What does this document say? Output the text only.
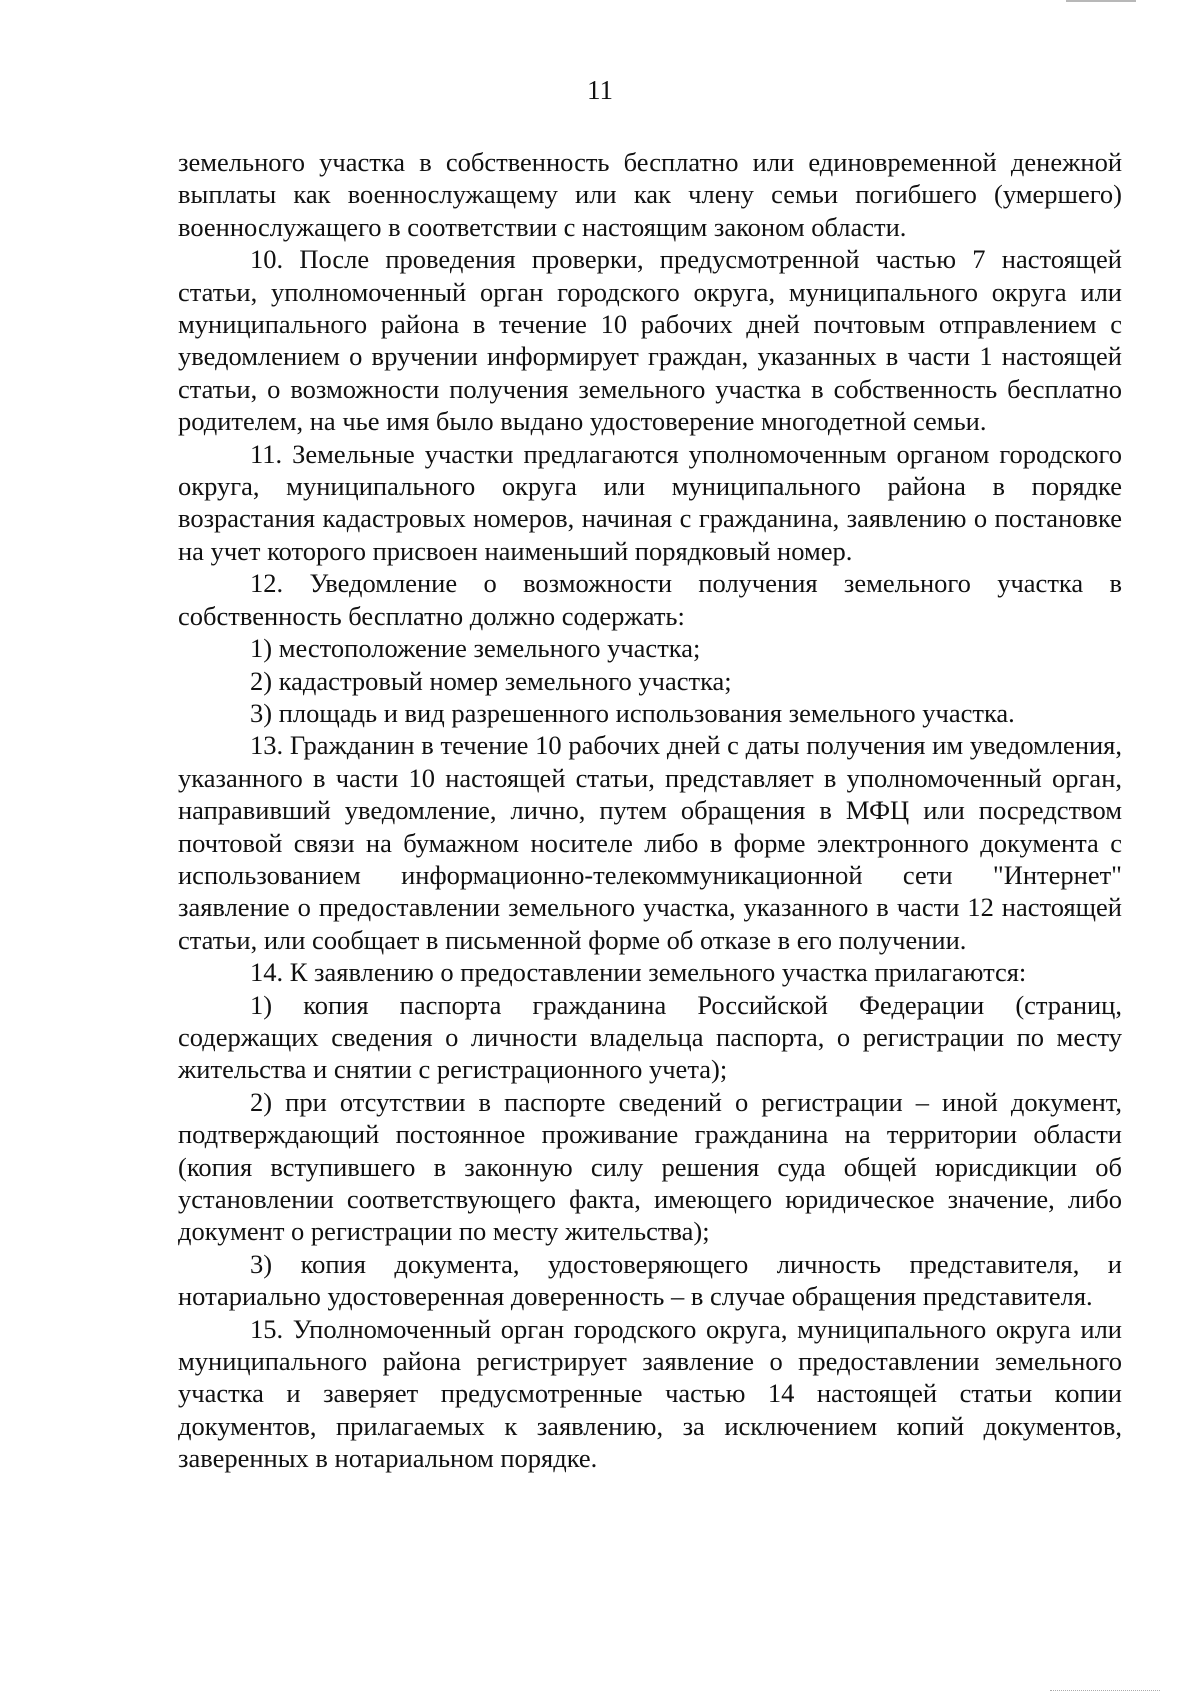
11

земельного участка в собственность бесплатно или единовременной денежной выплаты как военнослужащему или как члену семьи погибшего (умершего) военнослужащего в соответствии с настоящим законом области.

10. После проведения проверки, предусмотренной частью 7 настоящей статьи, уполномоченный орган городского округа, муниципального округа или муниципального района в течение 10 рабочих дней почтовым отправлением с уведомлением о вручении информирует граждан, указанных в части 1 настоящей статьи, о возможности получения земельного участка в собственность бесплатно родителем, на чье имя было выдано удостоверение многодетной семьи.

11. Земельные участки предлагаются уполномоченным органом городского округа, муниципального округа или муниципального района в порядке возрастания кадастровых номеров, начиная с гражданина, заявлению о постановке на учет которого присвоен наименьший порядковый номер.

12. Уведомление о возможности получения земельного участка в собственность бесплатно должно содержать:

1) местоположение земельного участка;

2) кадастровый номер земельного участка;

3) площадь и вид разрешенного использования земельного участка.

13. Гражданин в течение 10 рабочих дней с даты получения им уведомления, указанного в части 10 настоящей статьи, представляет в уполномоченный орган, направивший уведомление, лично, путем обращения в МФЦ или посредством почтовой связи на бумажном носителе либо в форме электронного документа с использованием информационно-телекоммуникационной сети "Интернет" заявление о предоставлении земельного участка, указанного в части 12 настоящей статьи, или сообщает в письменной форме об отказе в его получении.

14. К заявлению о предоставлении земельного участка прилагаются:

1) копия паспорта гражданина Российской Федерации (страниц, содержащих сведения о личности владельца паспорта, о регистрации по месту жительства и снятии с регистрационного учета);

2) при отсутствии в паспорте сведений о регистрации – иной документ, подтверждающий постоянное проживание гражданина на территории области (копия вступившего в законную силу решения суда общей юрисдикции об установлении соответствующего факта, имеющего юридическое значение, либо документ о регистрации по месту жительства);

3) копия документа, удостоверяющего личность представителя, и нотариально удостоверенная доверенность – в случае обращения представителя.

15. Уполномоченный орган городского округа, муниципального округа или муниципального района регистрирует заявление о предоставлении земельного участка и заверяет предусмотренные частью 14 настоящей статьи копии документов, прилагаемых к заявлению, за исключением копий документов, заверенных в нотариальном порядке.
